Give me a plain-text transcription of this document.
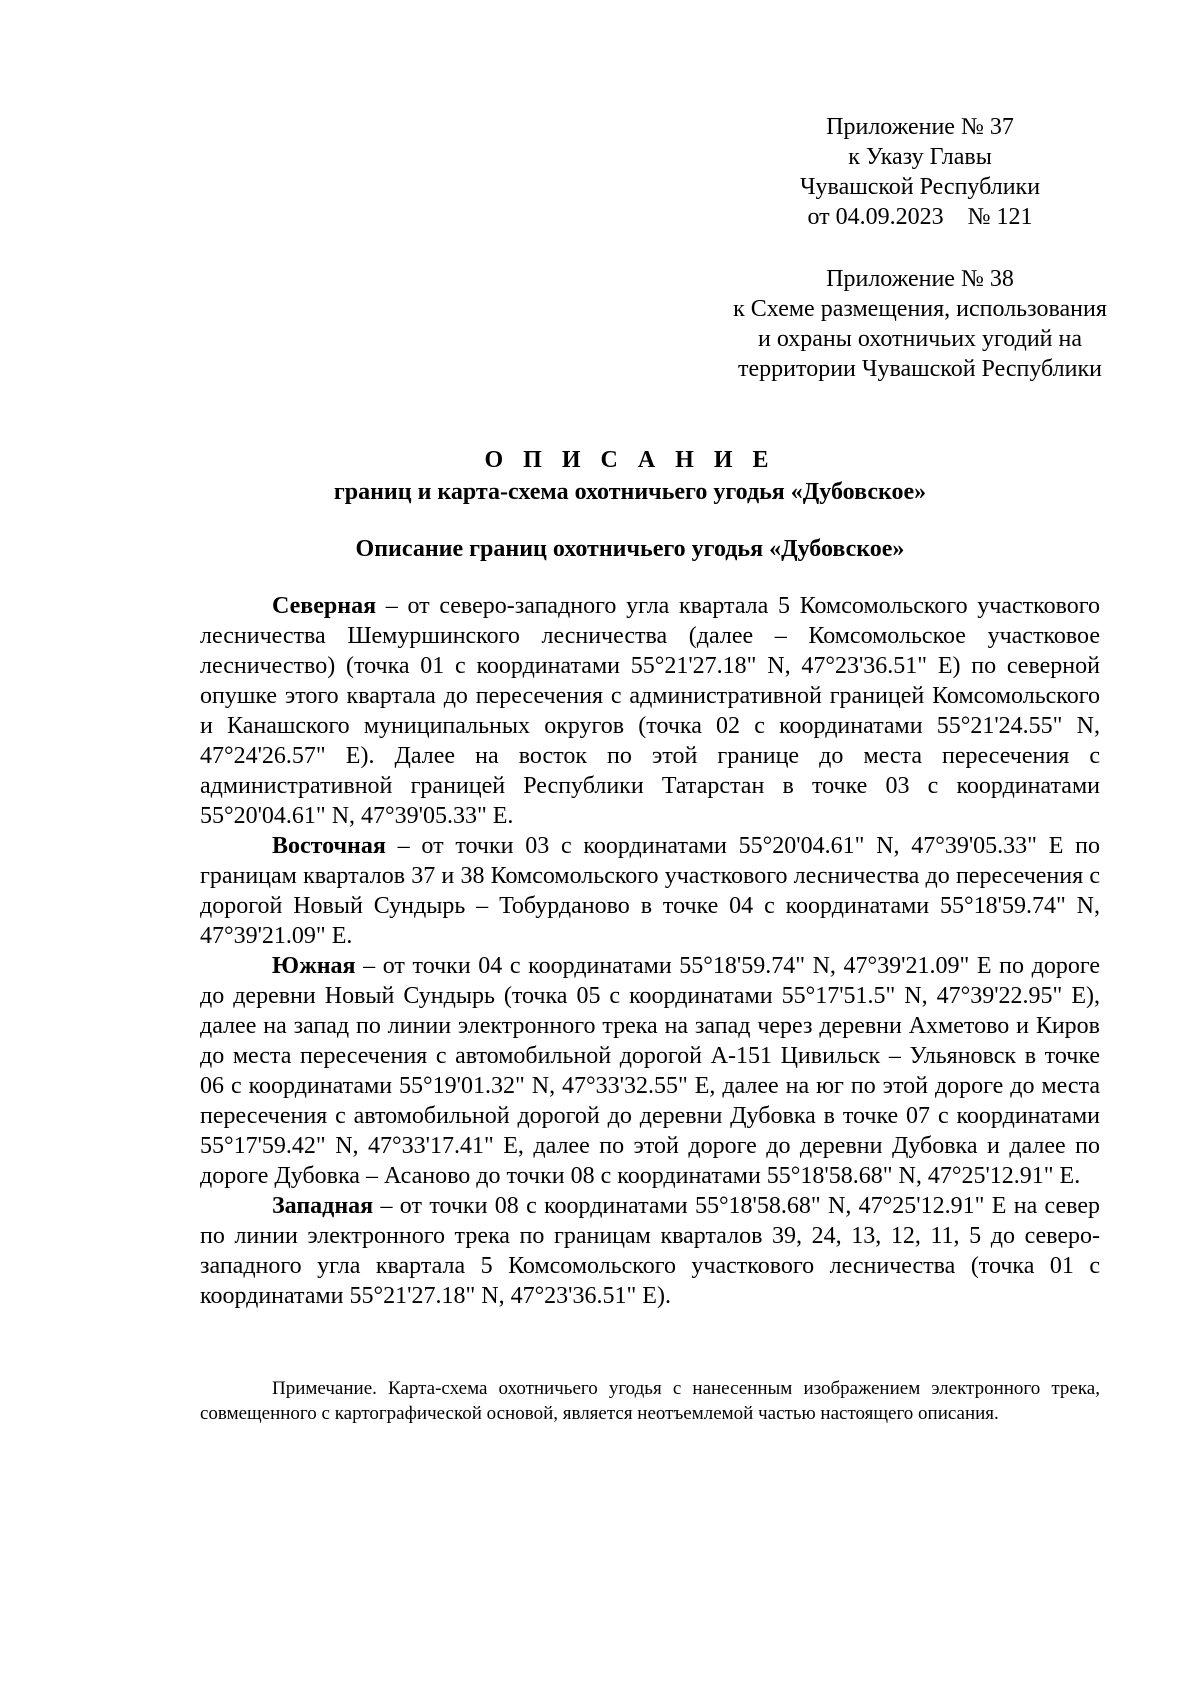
Приложение № 37
к Указу Главы
Чувашской Республики
от 04.09.2023    № 121
Приложение № 38
к Схеме размещения, использования
и охраны охотничьих угодий на
территории Чувашской Республики
О П И С А Н И Е
границ и карта-схема охотничьего угодья «Дубовское»
Описание границ охотничьего угодья «Дубовское»

Северная – от северо-западного угла квартала 5 Комсомольского участкового лесничества Шемуршинского лесничества (далее – Комсомольское участковое лесничество) (точка 01 с координатами 55°21'27.18" N, 47°23'36.51" E) по северной опушке этого квартала до пересечения с административной границей Комсомольского и Канашского муниципальных округов (точка 02 с координатами 55°21'24.55" N, 47°24'26.57" E). Далее на восток по этой границе до места пересечения с административной границей Республики Татарстан в точке 03 с координатами 55°20'04.61" N, 47°39'05.33" E.

Восточная – от точки 03 с координатами 55°20'04.61" N, 47°39'05.33" E по границам кварталов 37 и 38 Комсомольского участкового лесничества до пересечения с дорогой Новый Сундырь – Тобурданово в точке 04 с координатами 55°18'59.74" N, 47°39'21.09" E.

Южная – от точки 04 с координатами 55°18'59.74" N, 47°39'21.09" E по дороге до деревни Новый Сундырь (точка 05 с координатами 55°17'51.5" N, 47°39'22.95" E), далее на запад по линии электронного трека на запад через деревни Ахметово и Киров до места пересечения с автомобильной дорогой А-151 Цивильск – Ульяновск в точке 06 с координатами 55°19'01.32" N, 47°33'32.55" E, далее на юг по этой дороге до места пересечения с автомобильной дорогой до деревни Дубовка в точке 07 с координатами 55°17'59.42" N, 47°33'17.41" E, далее по этой дороге до деревни Дубовка и далее по дороге Дубовка – Асаново до точки 08 с координатами 55°18'58.68" N, 47°25'12.91" E.

Западная – от точки 08 с координатами 55°18'58.68" N, 47°25'12.91" E на север по линии электронного трека по границам кварталов 39, 24, 13, 12, 11, 5 до северо-западного угла квартала 5 Комсомольского участкового лесничества (точка 01 с координатами 55°21'27.18" N, 47°23'36.51" E).

Примечание. Карта-схема охотничьего угодья с нанесенным изображением электронного трека, совмещенного с картографической основой, является неотъемлемой частью настоящего описания.
